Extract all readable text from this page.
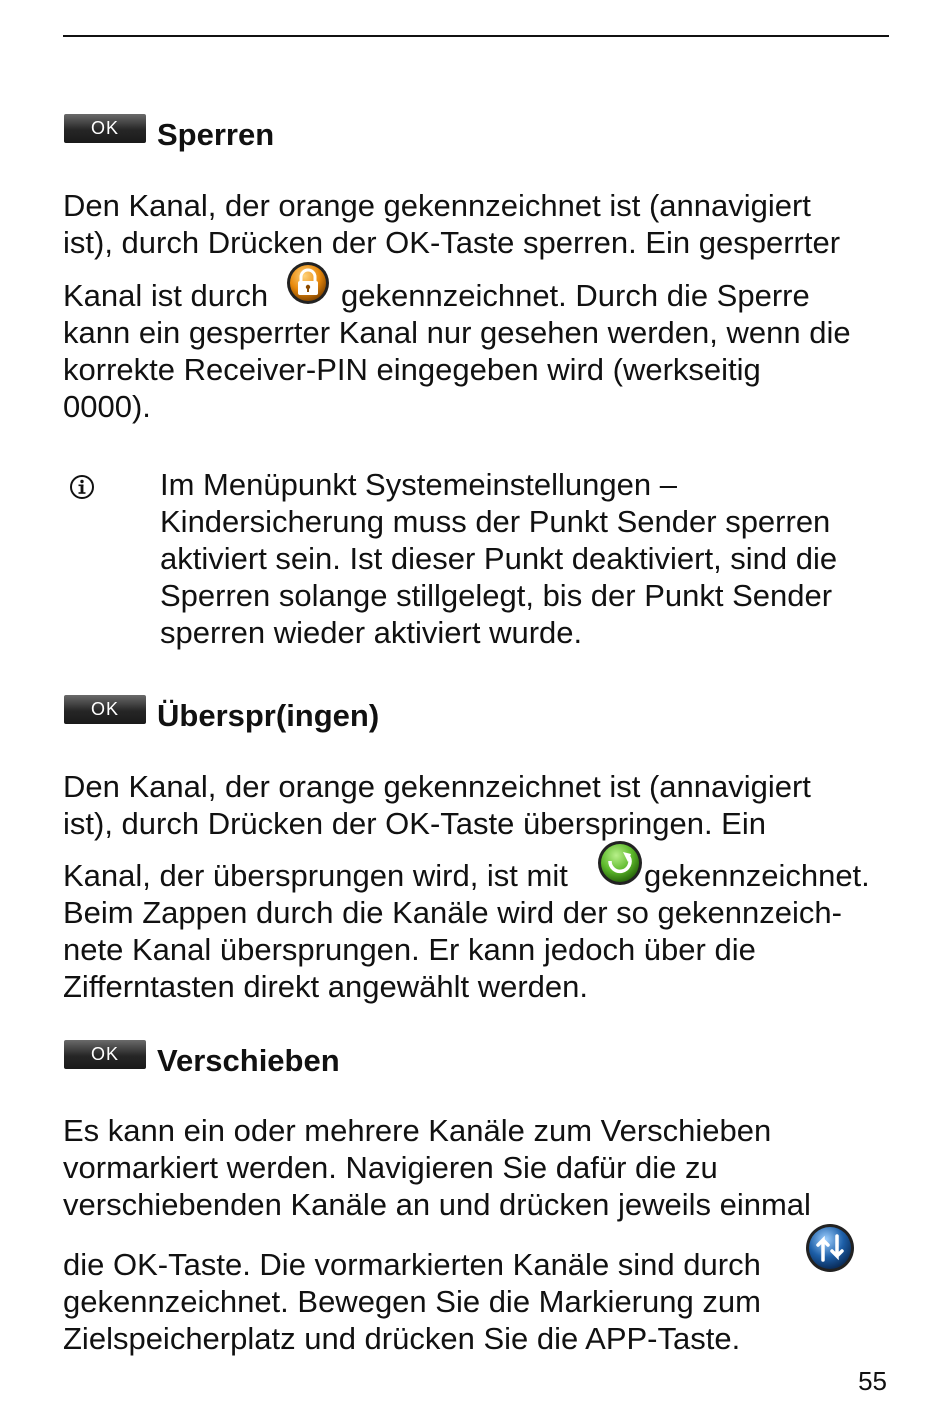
OK	Sperren
Den Kanal, der orange gekennzeichnet ist (annavigiert
ist), durch Drücken der OK-Taste sperren. Ein gesperrter
Kanal ist durch gekennzeichnet. Durch die Sperre
kann ein gesperrter Kanal nur gesehen werden, wenn die
korrekte Receiver-PIN eingegeben wird (werkseitig
0000).
Im Menüpunkt Systemeinstellungen –
Kindersicherung muss der Punkt Sender sperren
aktiviert sein. Ist dieser Punkt deaktiviert, sind die
Sperren solange stillgelegt, bis der Punkt Sender
sperren wieder aktiviert wurde.
OK	Überspr(ingen)
Den Kanal, der orange gekennzeichnet ist (annavigiert
ist), durch Drücken der OK-Taste überspringen. Ein
Kanal, der übersprungen wird, ist mit gekennzeichnet.
Beim Zappen durch die Kanäle wird der so gekennzeich-
nete Kanal übersprungen. Er kann jedoch über die
Zifferntasten direkt angewählt werden.
OK	Verschieben
Es kann ein oder mehrere Kanäle zum Verschieben
vormarkiert werden. Navigieren Sie dafür die zu
verschiebenden Kanäle an und drücken jeweils einmal
die OK-Taste. Die vormarkierten Kanäle sind durch
gekennzeichnet. Bewegen Sie die Markierung zum
Zielspeicherplatz und drücken Sie die APP-Taste.
55
